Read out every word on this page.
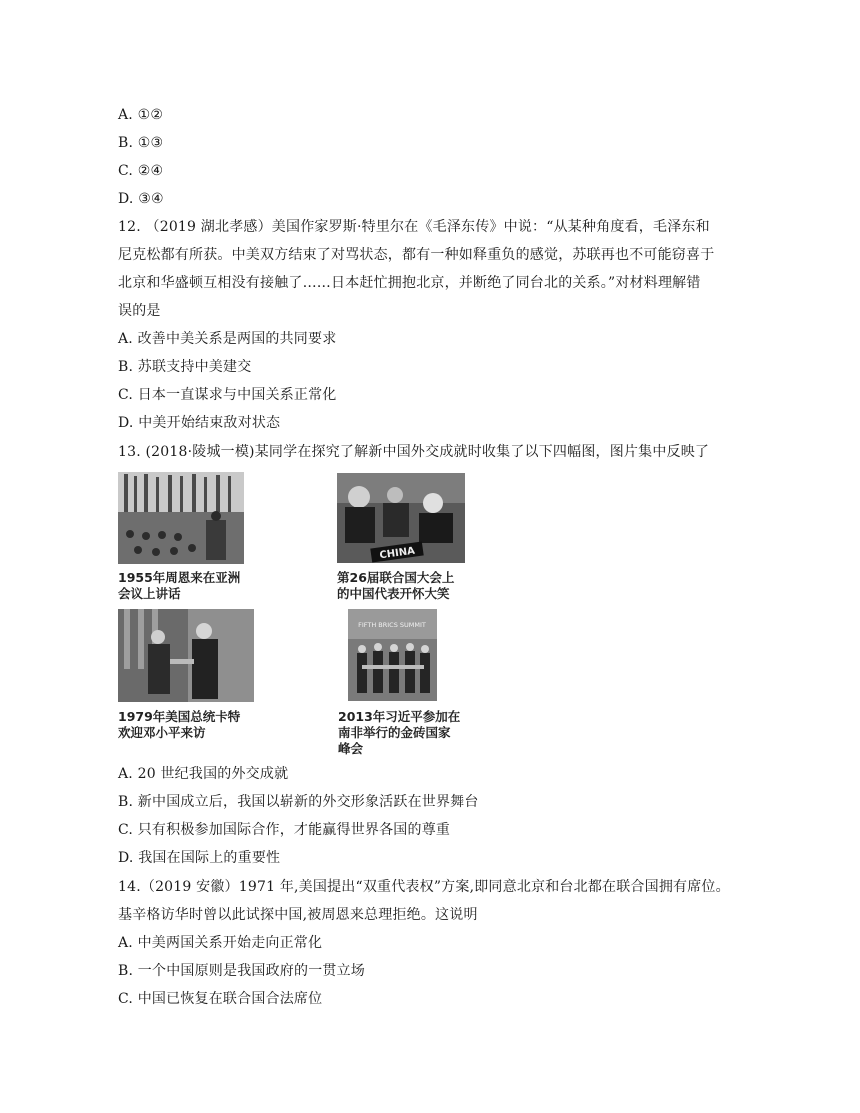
A. ①②
B. ①③
C. ②④
D. ③④
12. （2019 湖北孝感）美国作家罗斯·特里尔在《毛泽东传》中说：“从某种角度看，毛泽东和
尼克松都有所获。中美双方结束了对骂状态，都有一种如释重负的感觉，苏联再也不可能窃喜于
北京和华盛顿互相没有接触了……日本赶忙拥抱北京，并断绝了同台北的关系。”对材料理解错
误的是
A. 改善中美关系是两国的共同要求
B. 苏联支持中美建交
C. 日本一直谋求与中国关系正常化
D. 中美开始结束敌对状态
13. (2018·陵城一模)某同学在探究了解新中国外交成就时收集了以下四幅图，图片集中反映了
1955年周恩来在亚洲
会议上讲话
CHINA
第26届联合国大会上
的中国代表开怀大笑
1979年美国总统卡特
欢迎邓小平来访
FIFTH BRICS SUMMIT
2013年习近平参加在
南非举行的金砖国家
峰会
A. 20 世纪我国的外交成就
B. 新中国成立后，我国以崭新的外交形象活跃在世界舞台
C. 只有积极参加国际合作，才能赢得世界各国的尊重
D. 我国在国际上的重要性
14.（2019 安徽）1971 年,美国提出“双重代表权”方案,即同意北京和台北都在联合国拥有席位。
基辛格访华时曾以此试探中国,被周恩来总理拒绝。这说明
A. 中美两国关系开始走向正常化
B. 一个中国原则是我国政府的一贯立场
C. 中国已恢复在联合国合法席位
